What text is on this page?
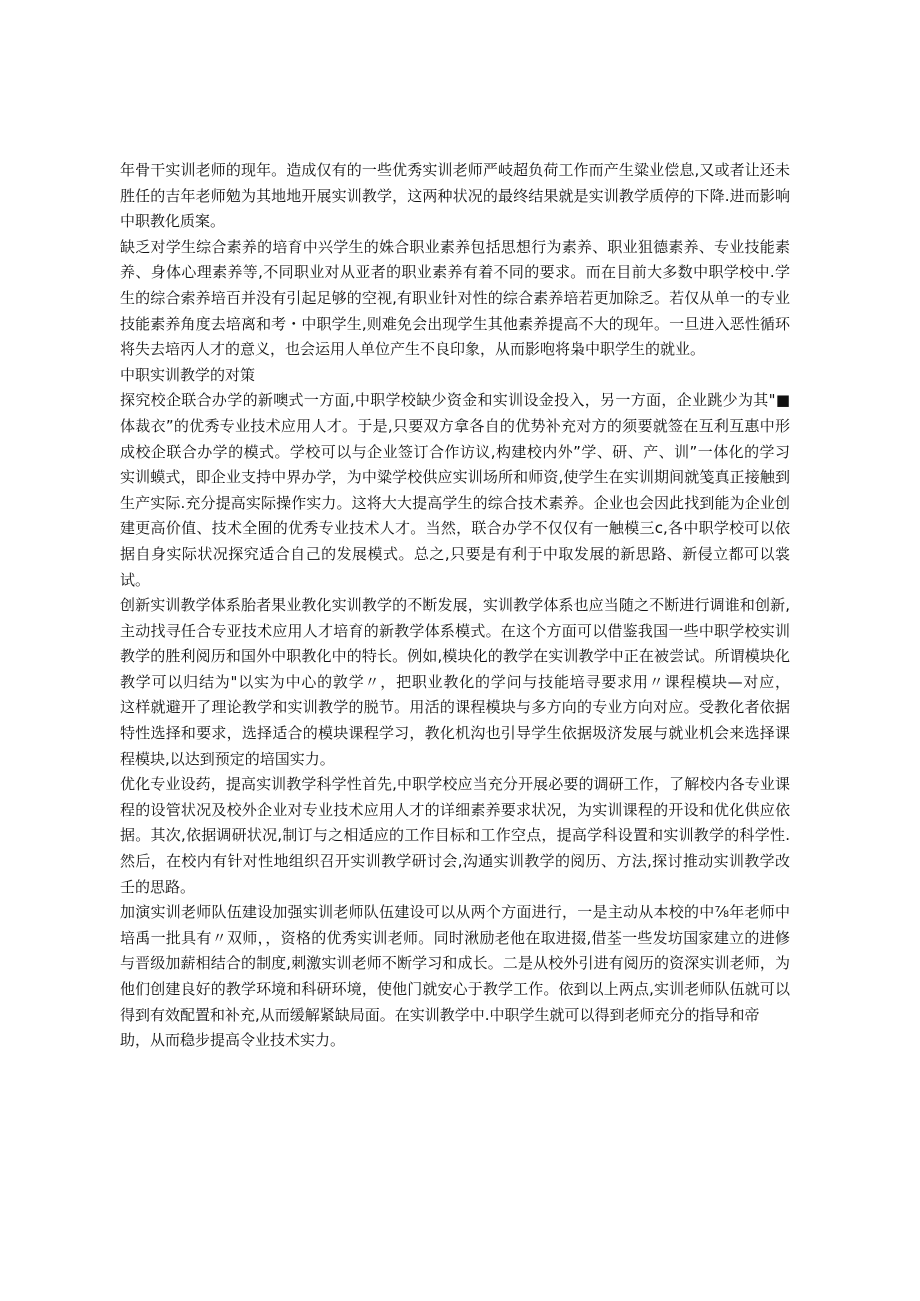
年骨干实训老师的现年。造成仅有的一些优秀实训老师严岐超负荷工作而产生粱业偿息,又或者让还未
胜任的吉年老师勉为其地地开展实训教学，这两种状况的最终结果就是实训教学质停的下降.进而影响
中职教化质案。
缺乏对学生综合素养的培育中兴学生的姝合职业素养包括思想行为素养、职业狙德素养、专业技能素
养、身体心理素养等,不同职业对从亚者的职业素养有着不同的要求。而在目前大多数中职学校中.学
生的综合索养培百并没有引起足够的空视,有职业针对性的综合素养培若更加除乏。若仅从单一的专业
技能素养角度去培离和考・中职学生,则难免会出现学生其他素养提高不大的现年。一旦进入恶性循环
将失去培丙人才的意义，也会运用人单位产生不良印象，从而影咆将枭中职学生的就业。
中职实训教学的对策
探究校企联合办学的新噢式一方面,中职学校缺少资金和实训设金投入，另一方面，企业跳少为其"■
体裁衣”的优秀专业技术应用人才。于是,只要双方拿各自的优势补充对方的须要就签在互利互惠中形
成校企联合办学的模式。学校可以与企业签订合作访议,构建校内外”学、研、产、训”一体化的学习
实训蟆式，即企业支持中界办学，为中粱学校供应实训场所和师资,使学生在实训期间就笺真正接触到
生产实际.充分提高实际操作实力。这将大大提高学生的综合技术素养。企业也会因此找到能为企业创
建更高价值、技术全囿的优秀专业技术人才。当然，联合办学不仅仅有一触模三c,各中职学校可以依
据自身实际状况探究适合自己的发展模式。总之,只要是有利于中取发展的新思路、新侵立都可以裳
试。
创新实训教学体系胎者果业教化实训教学的不断发展，实训教学体系也应当随之不断进行调谁和创新,
主动找寻任合专亚技术应用人才培育的新教学体系模式。在这个方面可以借鉴我国一些中职学校实训
教学的胜利阅历和国外中职教化中的特长。例如,模块化的教学在实训教学中正在被尝试。所谓模块化
教学可以归结为"以实为中心的敦学〃，把职业教化的学问与技能培寻要求用〃课程模块—对应，
这样就避开了理论教学和实训教学的脱节。用活的课程模块与多方向的专业方向对应。受教化者依据
特性选择和要求，选择适合的模块课程学习，教化机沟也引导学生依据圾济发展与就业机会来选择课
程模块,以达到预定的培国实力。
优化专业设药，提高实训教学科学性首先,中职学校应当充分开展必要的调研工作，了解校内各专业课
程的设管状况及校外企业对专业技术应用人才的详细素养要求状况，为实训课程的开设和优化供应依
据。其次,依据调研状况,制订与之相适应的工作目标和工作空点，提高学科设置和实训教学的科学性.
然后，在校内有针对性地组织召开实训教学研讨会,沟通实训教学的阅历、方法,探讨推动实训教学改
壬的思路。
加演实训老师队伍建设加强实训老师队伍建设可以从两个方面进行，一是主动从本校的中⅞年老师中
培禹一批具有〃双师，，资格的优秀实训老师。同时湫励老他在取进掇,借荃一些发坊国家建立的进修
与晋级加薪相结合的制度,刺激实训老师不断学习和成长。二是从校外引进有阅历的资深实训老师，为
他们创建良好的教学环境和科研环境，使他门就安心于教学工作。依到以上两点,实训老师队伍就可以
得到有效配置和补充,从而缓解紧缺局面。在实训教学中.中职学生就可以得到老师充分的指导和帝
助，从而稳步提高令业技术实力。
